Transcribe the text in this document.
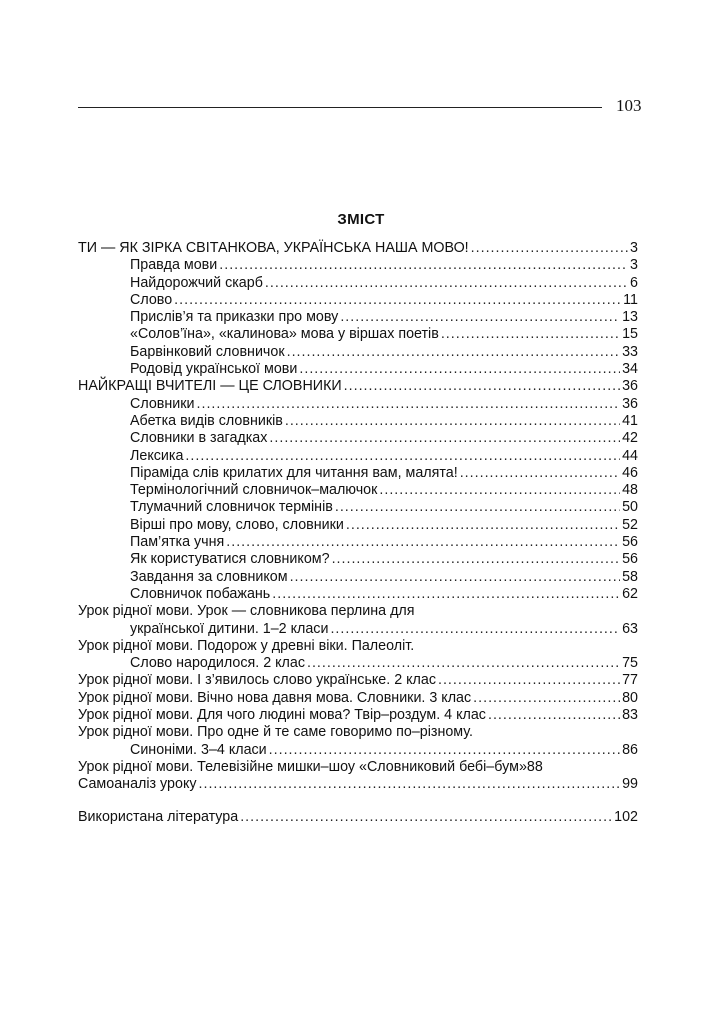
103
ЗМІСТ
ТИ — ЯК ЗІРКА СВІТАНКОВА, УКРАЇНСЬКА НАША МОВО! .....	3
Правда мови .....	3
Найдорожчий скарб .....	6
Слово .....	11
Прислів’я та приказки про мову .....	13
«Солов’їна», «калинова» мова у віршах поетів .....	15
Барвінковий словничок .....	33
Родовід української мови .....	34
НАЙКРАЩІ ВЧИТЕЛІ — ЦЕ СЛОВНИКИ .....	36
Словники .....	36
Абетка видів словників .....	41
Словники в загадках .....	42
Лексика .....	44
Піраміда слів крилатих для читання вам, малята! .....	46
Термінологічний словничок–малючок .....	48
Тлумачний словничок термінів .....	50
Вірші про мову, слово, словники .....	52
Пам’ятка учня .....	56
Як користуватися словником? .....	56
Завдання за словником .....	58
Словничок побажань .....	62
Урок рідної мови. Урок — словникова перлина для
української дитини. 1–2 класи .....	63
Урок рідної мови. Подорож у древні віки. Палеоліт.
Слово народилося. 2 клас .....	75
Урок рідної мови. І з’явилось слово українське. 2 клас .....	77
Урок рідної мови. Вічно нова давня мова. Словники. 3 клас .....	80
Урок рідної мови. Для чого людині мова? Твір–роздум. 4 клас .....	83
Урок рідної мови. Про одне й те саме говоримо по–різному.
Синоніми. 3–4 класи .....	86
Урок рідної мови. Телевізійне мишки–шоу «Словниковий бебі–бум» 88
Самоаналіз уроку .....	99
Використана література .....	102
